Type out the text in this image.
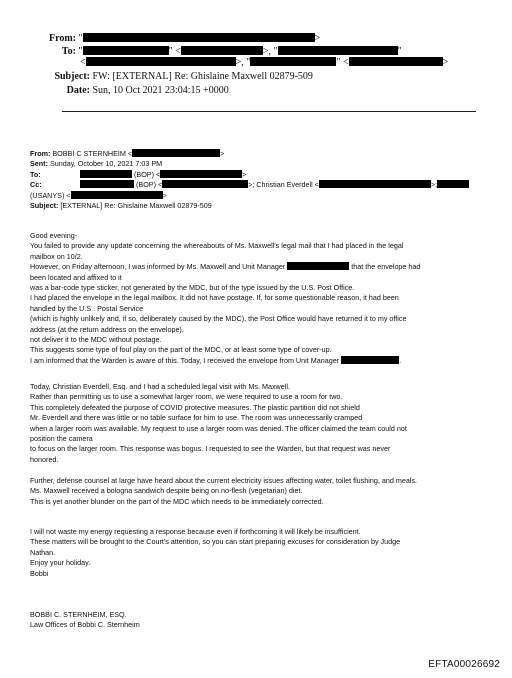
From: "	>
To: "	" <	>, "	"
<	>, "	" <	>
Subject: FW: [EXTERNAL] Re: Ghislaine Maxwell 02879-509
Date: Sun, 10 Oct 2021 23:04:15 +0000
From: BOBBI C STERNHEIM <	>
Sent: Sunday, October 10, 2021 7:03 PM
To:	(BOP) <	>
Cc:	(BOP) <	>; Christian Everdell <	>;
(USANYS) <	>
Subject: [EXTERNAL] Re: Ghislaine Maxwell 02879-509
Good evening-
You failed to provide any update concerning the whereabouts of Ms. Maxwell's legal mail that I had placed in the legal
mailbox on 10/2.
However, on Friday afternoon, I was informed by Ms. Maxwell and Unit Manager	that the envelope had
been located and affixed to it
was a bar-code type sticker, not generated by the MDC, but of the type issued by the U.S. Post Office.
I had placed the envelope in the legal mailbox. It did not have postage. If, for some questionable reason, it had been
handled by the U.S . Postal Service
(which is highly unlikely and, if so, deliberately caused by the MDC), the Post Office would have returned it to my office
address (at the return address on the envelope),
not deliver it to the MDC without postage.
This suggests some type of foul play on the part of the MDC, or at least some type of cover-up.
I am informed that the Warden is aware of this. Today, I received the envelope from Unit Manager	.
Today, Christian Everdell, Esq. and I had a scheduled legal visit with Ms. Maxwell.
Rather than permitting us to use a somewhat larger room, we were required to use a room for two.
This completely defeated the purpose of COVID protective measures. The plastic partition did not shield
Mr. Everdell and there was little or no table surface for him to use. The room was unnecessarily cramped
when a larger room was available. My request to use a larger room was denied. The officer claimed the team could not
position the camera
to focus on the larger room. This response was bogus. I requested to see the Warden, but that request was never
honored.
Further, defense counsel at large have heard about the current electricity issues affecting water, toilet flushing, and meals.
Ms. Maxwell received a bologna sandwich despite being on no-flesh (vegetarian) diet.
This is yet another blunder on the part of the MDC which needs to be immediately corrected.
I will not waste my energy requesting a response because even if forthcoming it will likely be insufficient.
These matters will be brought to the Court's attention, so you can start preparing excuses for consideration by Judge
Nathan.
Enjoy your holiday.
Bobbi
BOBBI C. STERNHEIM, ESQ.
Law Offices of Bobbi C. Sternheim
EFTA00026692
